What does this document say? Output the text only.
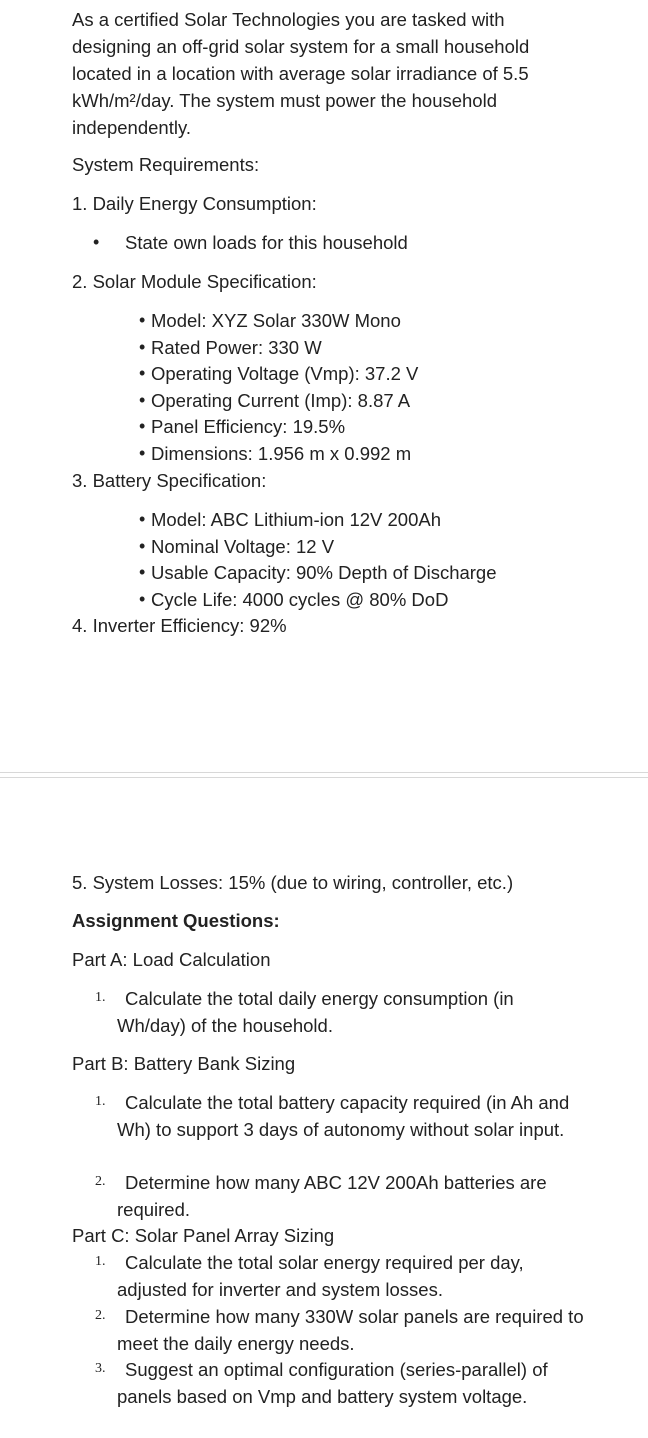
As a certified Solar Technologies you are tasked with designing an off-grid solar system for a small household located in a location with average solar irradiance of 5.5 kWh/m²/day. The system must power the household independently.
System Requirements:
1. Daily Energy Consumption:
• State own loads for this household
2. Solar Module Specification:
• Model: XYZ Solar 330W Mono
• Rated Power: 330 W
• Operating Voltage (Vmp): 37.2 V
• Operating Current (Imp): 8.87 A
• Panel Efficiency: 19.5%
• Dimensions: 1.956 m x 0.992 m
3. Battery Specification:
• Model: ABC Lithium-ion 12V 200Ah
• Nominal Voltage: 12 V
• Usable Capacity: 90% Depth of Discharge
• Cycle Life: 4000 cycles @ 80% DoD
4. Inverter Efficiency: 92%
5. System Losses: 15% (due to wiring, controller, etc.)
Assignment Questions:
Part A: Load Calculation
1.	Calculate the total daily energy consumption (in Wh/day) of the household.
Part B: Battery Bank Sizing
1.	Calculate the total battery capacity required (in Ah and Wh) to support 3 days of autonomy without solar input.
2.	Determine how many ABC 12V 200Ah batteries are required.
Part C: Solar Panel Array Sizing
1.	Calculate the total solar energy required per day, adjusted for inverter and system losses.
2.	Determine how many 330W solar panels are required to meet the daily energy needs.
3.	Suggest an optimal configuration (series-parallel) of panels based on Vmp and battery system voltage.
